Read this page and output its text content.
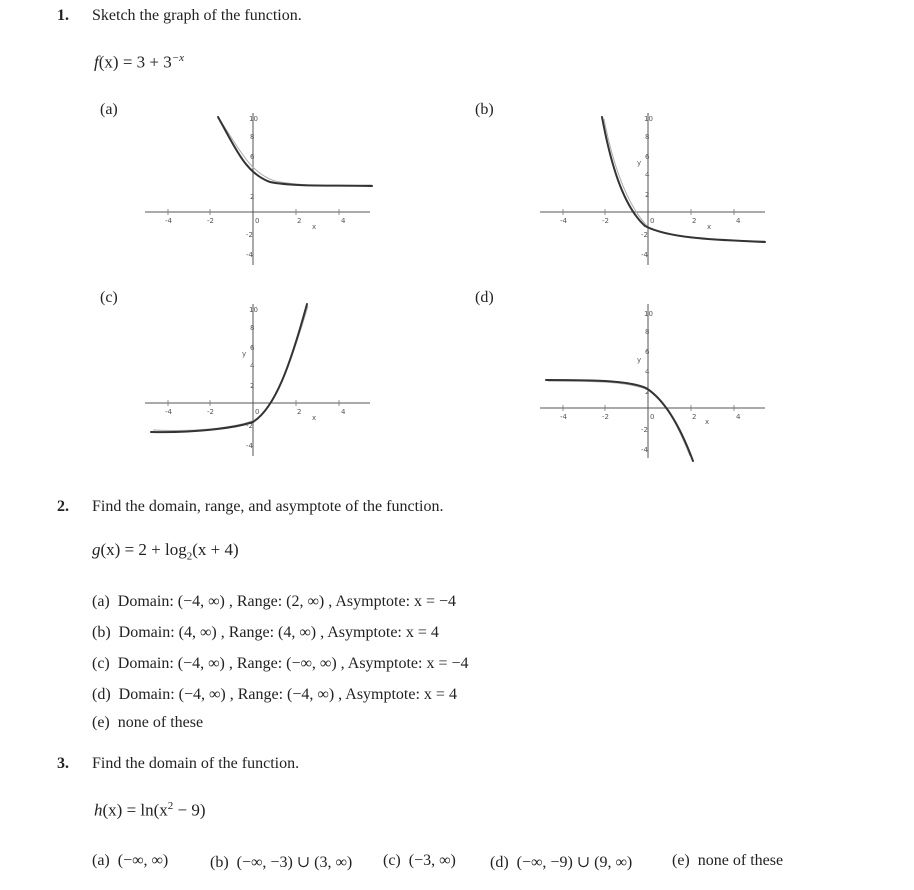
1. Sketch the graph of the function.
$f(x) = 3 + 3^{-x}$
(a)	(b)
(c)	(d)
-4	-2	0	2	4
x
10
8
6
2
-2
-4
-4	-2	0	2	4
x
y
10
8
6
4
2
-2
-4
-4	-2	0	2	4
x
y
10
8
6
4
2
-2
-4
-4	-2	0	2	4
x
y
10
8
6
4
2
-2
-4
2. Find the domain, range, and asymptote of the function.
$g(x) = 2 + \log_2(x + 4)$
(a) Domain: (−4, ∞) , Range: (2, ∞) , Asymptote: x = −4
(b) Domain: (4, ∞) , Range: (4, ∞) , Asymptote: x = 4
(c) Domain: (−4, ∞) , Range: (−∞, ∞) , Asymptote: x = −4
(d) Domain: (−4, ∞) , Range: (−4, ∞) , Asymptote: x = 4
(e) none of these
3. Find the domain of the function.
$h(x) = \ln(x^2 - 9)$
(a) (−∞, ∞)	(b) (−∞, −3) ∪ (3, ∞) (c) (−3, ∞) (d) (−∞, −9) ∪ (9, ∞) (e) none of these
